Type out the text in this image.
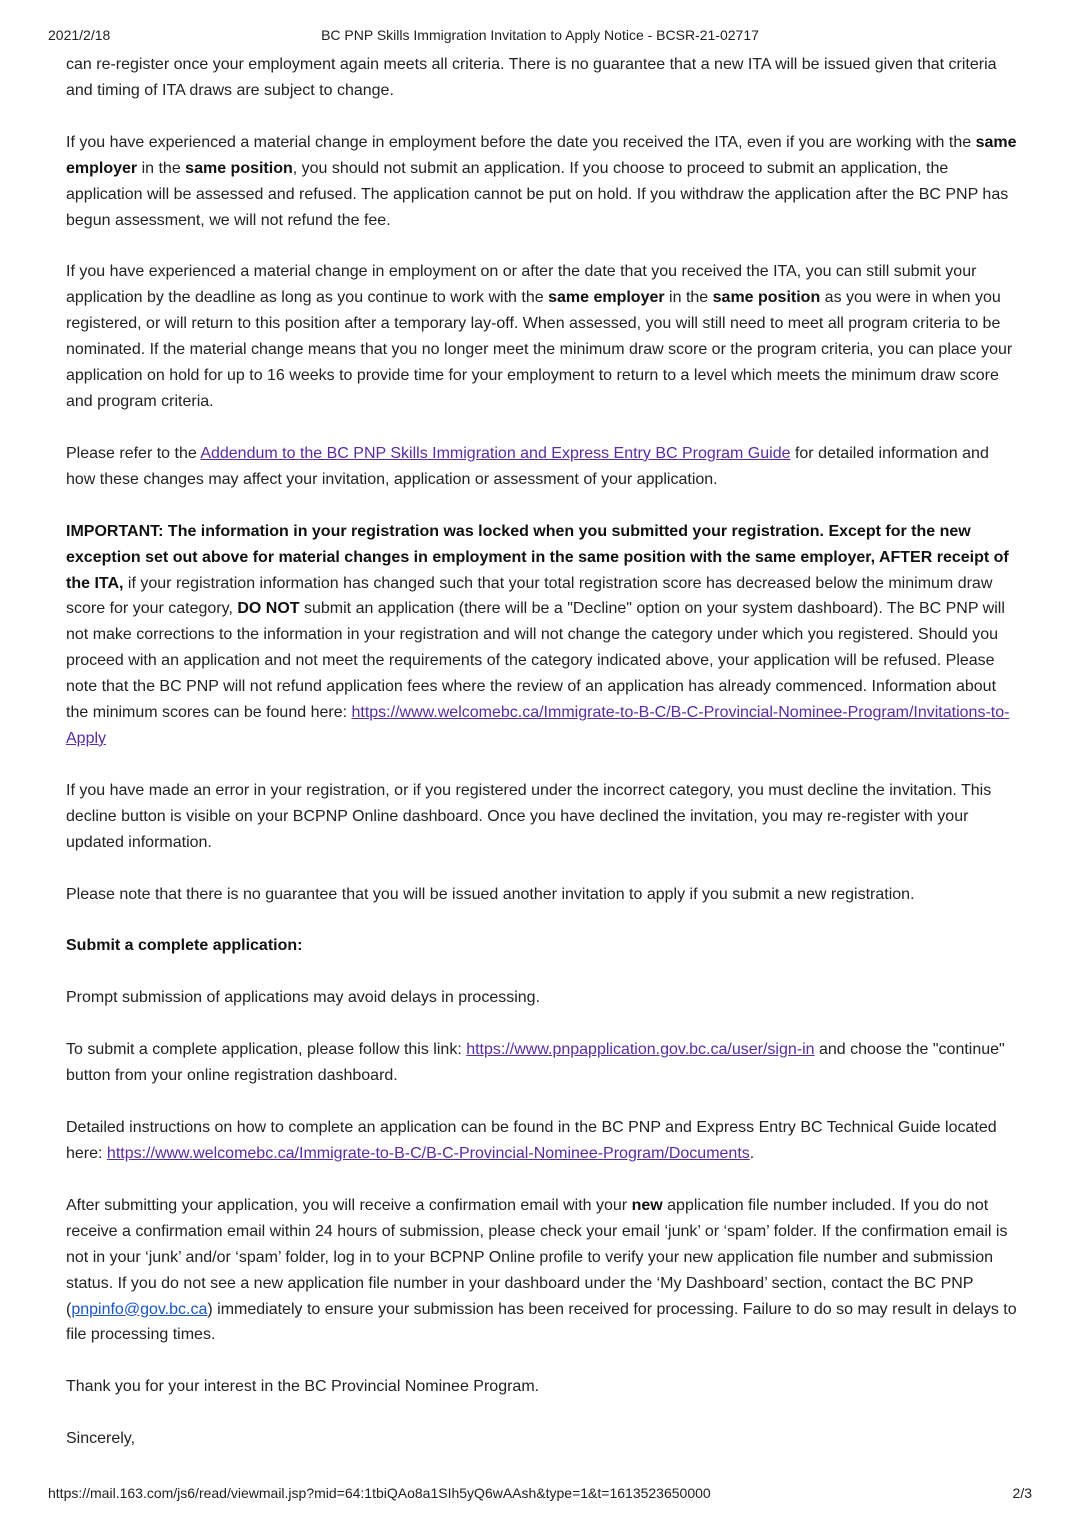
2021/2/18	BC PNP Skills Immigration Invitation to Apply Notice - BCSR-21-02717

can re-register once your employment again meets all criteria. There is no guarantee that a new ITA will be issued given that criteria and timing of ITA draws are subject to change.

If you have experienced a material change in employment before the date you received the ITA, even if you are working with the same employer in the same position, you should not submit an application. If you choose to proceed to submit an application, the application will be assessed and refused. The application cannot be put on hold. If you withdraw the application after the BC PNP has begun assessment, we will not refund the fee.

If you have experienced a material change in employment on or after the date that you received the ITA, you can still submit your application by the deadline as long as you continue to work with the same employer in the same position as you were in when you registered, or will return to this position after a temporary lay-off. When assessed, you will still need to meet all program criteria to be nominated. If the material change means that you no longer meet the minimum draw score or the program criteria, you can place your application on hold for up to 16 weeks to provide time for your employment to return to a level which meets the minimum draw score and program criteria.

Please refer to the Addendum to the BC PNP Skills Immigration and Express Entry BC Program Guide for detailed information and how these changes may affect your invitation, application or assessment of your application.

IMPORTANT: The information in your registration was locked when you submitted your registration. Except for the new exception set out above for material changes in employment in the same position with the same employer, AFTER receipt of the ITA, if your registration information has changed such that your total registration score has decreased below the minimum draw score for your category, DO NOT submit an application (there will be a "Decline" option on your system dashboard). The BC PNP will not make corrections to the information in your registration and will not change the category under which you registered. Should you proceed with an application and not meet the requirements of the category indicated above, your application will be refused. Please note that the BC PNP will not refund application fees where the review of an application has already commenced. Information about the minimum scores can be found here: https://www.welcomebc.ca/Immigrate-to-B-C/B-C-Provincial-Nominee-Program/Invitations-to-Apply

If you have made an error in your registration, or if you registered under the incorrect category, you must decline the invitation. This decline button is visible on your BCPNP Online dashboard. Once you have declined the invitation, you may re-register with your updated information.

Please note that there is no guarantee that you will be issued another invitation to apply if you submit a new registration.

Submit a complete application:

Prompt submission of applications may avoid delays in processing.

To submit a complete application, please follow this link: https://www.pnpapplication.gov.bc.ca/user/sign-in and choose the "continue" button from your online registration dashboard.

Detailed instructions on how to complete an application can be found in the BC PNP and Express Entry BC Technical Guide located here: https://www.welcomebc.ca/Immigrate-to-B-C/B-C-Provincial-Nominee-Program/Documents.

After submitting your application, you will receive a confirmation email with your new application file number included. If you do not receive a confirmation email within 24 hours of submission, please check your email ‘junk’ or ‘spam’ folder. If the confirmation email is not in your ‘junk’ and/or ‘spam’ folder, log in to your BCPNP Online profile to verify your new application file number and submission status. If you do not see a new application file number in your dashboard under the ‘My Dashboard’ section, contact the BC PNP (pnpinfo@gov.bc.ca) immediately to ensure your submission has been received for processing. Failure to do so may result in delays to file processing times.

Thank you for your interest in the BC Provincial Nominee Program.

Sincerely,

https://mail.163.com/js6/read/viewmail.jsp?mid=64:1tbiQAo8a1SIh5yQ6wAAsh&type=1&t=1613523650000	2/3
